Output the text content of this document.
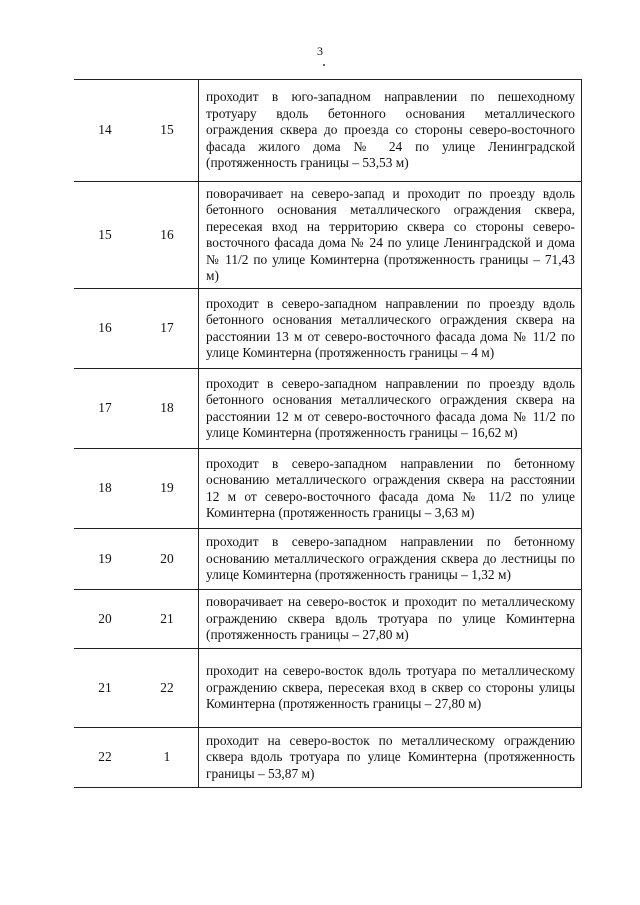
3
14	15	проходит в юго-западном направлении по пешеходному тротуару вдоль бетонного основания металлического ограждения сквера до проезда со стороны северо-восточного фасада жилого дома № 24 по улице Ленинградской (протяженность границы – 53,53 м)
15	16	поворачивает на северо-запад и проходит по проезду вдоль бетонного основания металлического ограждения сквера, пересекая вход на территорию сквера со стороны северо-восточного фасада дома № 24 по улице Ленинградской и дома № 11/2 по улице Коминтерна (протяженность границы – 71,43 м)
16	17	проходит в северо-западном направлении по проезду вдоль бетонного основания металлического ограждения сквера на расстоянии 13 м от северо-восточного фасада дома № 11/2 по улице Коминтерна (протяженность границы – 4 м)
17	18	проходит в северо-западном направлении по проезду вдоль бетонного основания металлического ограждения сквера на расстоянии 12 м от северо-восточного фасада дома № 11/2 по улице Коминтерна (протяженность границы – 16,62 м)
18	19	проходит в северо-западном направлении по бетонному основанию металлического ограждения сквера на расстоянии 12 м от северо-восточного фасада дома № 11/2 по улице Коминтерна (протяженность границы – 3,63 м)
19	20	проходит в северо-западном направлении по бетонному основанию металлического ограждения сквера до лестницы по улице Коминтерна (протяженность границы – 1,32 м)
20	21	поворачивает на северо-восток и проходит по металлическому ограждению сквера вдоль тротуара по улице Коминтерна (протяженность границы – 27,80 м)
21	22	проходит на северо-восток вдоль тротуара по металлическому ограждению сквера, пересекая вход в сквер со стороны улицы Коминтерна (протяженность границы – 27,80 м)
22	1	проходит на северо-восток по металлическому ограждению сквера вдоль тротуара по улице Коминтерна (протяженность границы – 53,87 м)
